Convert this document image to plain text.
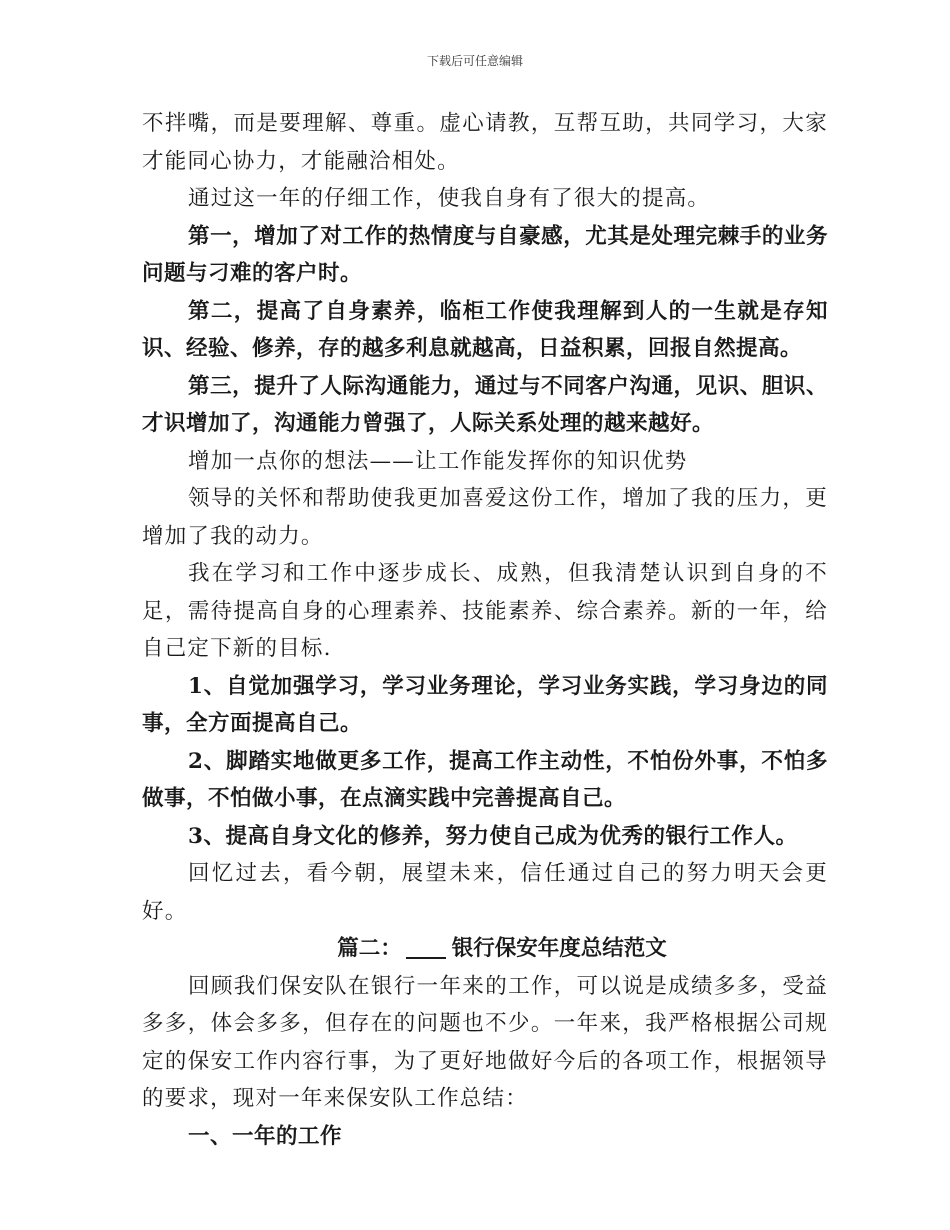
下载后可任意编辑

不拌嘴，而是要理解、尊重。虚心请教，互帮互助，共同学习，大家才能同心协力，才能融洽相处。

通过这一年的仔细工作，使我自身有了很大的提高。

第一，增加了对工作的热情度与自豪感，尤其是处理完棘手的业务问题与刁难的客户时。

第二，提高了自身素养，临柜工作使我理解到人的一生就是存知识、经验、修养，存的越多利息就越高，日益积累，回报自然提高。

第三，提升了人际沟通能力，通过与不同客户沟通，见识、胆识、才识增加了，沟通能力曾强了，人际关系处理的越来越好。

增加一点你的想法——让工作能发挥你的知识优势

领导的关怀和帮助使我更加喜爱这份工作，增加了我的压力，更增加了我的动力。

我在学习和工作中逐步成长、成熟，但我清楚认识到自身的不足，需待提高自身的心理素养、技能素养、综合素养。新的一年，给自己定下新的目标.

1、自觉加强学习，学习业务理论，学习业务实践，学习身边的同事，全方面提高自己。

2、脚踏实地做更多工作，提高工作主动性，不怕份外事，不怕多做事，不怕做小事，在点滴实践中完善提高自己。

3、提高自身文化的修养，努力使自己成为优秀的银行工作人。

回忆过去，看今朝，展望未来，信任通过自己的努力明天会更好。

篇二： 银行保安年度总结范文

回顾我们保安队在银行一年来的工作，可以说是成绩多多，受益多多，体会多多，但存在的问题也不少。一年来，我严格根据公司规定的保安工作内容行事，为了更好地做好今后的各项工作，根据领导的要求，现对一年来保安队工作总结：

一、一年的工作
